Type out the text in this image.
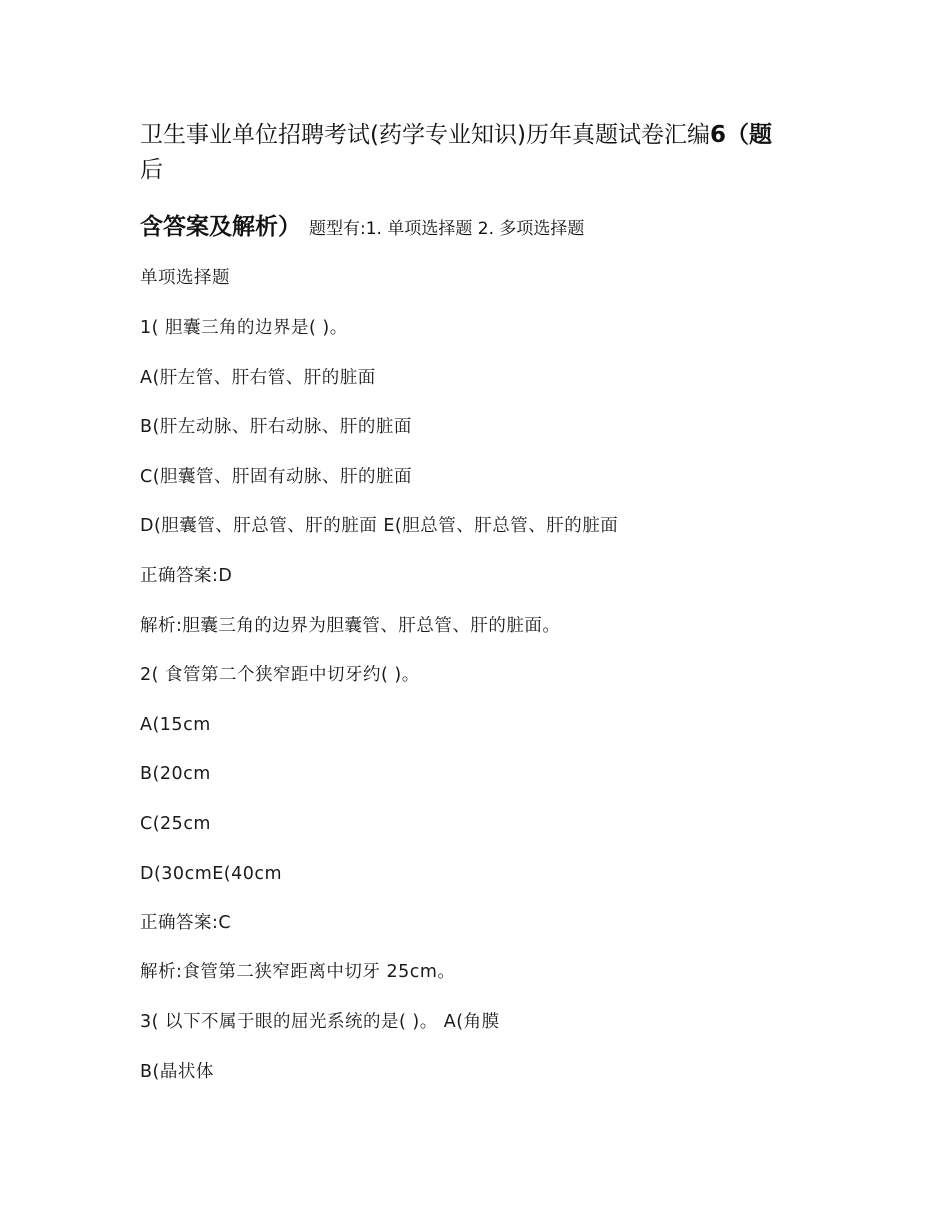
卫生事业单位招聘考试(药学专业知识)历年真题试卷汇编6（题
后
含答案及解析） 题型有:1. 单项选择题 2. 多项选择题
单项选择题
1( 胆囊三角的边界是( )。
A(肝左管、肝右管、肝的脏面
B(肝左动脉、肝右动脉、肝的脏面
C(胆囊管、肝固有动脉、肝的脏面
D(胆囊管、肝总管、肝的脏面 E(胆总管、肝总管、肝的脏面
正确答案:D
解析:胆囊三角的边界为胆囊管、肝总管、肝的脏面。
2( 食管第二个狭窄距中切牙约( )。
A(15cm
B(20cm
C(25cm
D(30cmE(40cm
正确答案:C
解析:食管第二狭窄距离中切牙 25cm。
3( 以下不属于眼的屈光系统的是( )。 A(角膜
B(晶状体
